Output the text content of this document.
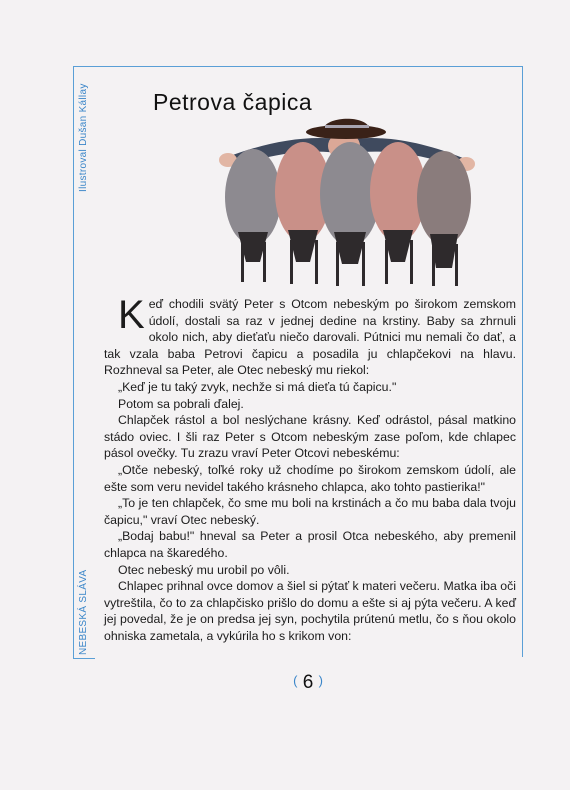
Ilustroval Dušan Kállay
NEBESKÁ SLÁVA
Petrova čapica

Keď chodili svätý Peter s Otcom nebeským po širokom zemskom údolí, dostali sa raz v jednej dedine na krstiny. Baby sa zhrnuli okolo nich, aby dieťaťu niečo darovali. Pútnici mu nemali čo dať, a tak vzala baba Petrovi čapicu a posadila ju chlapčekovi na hlavu. Rozhneval sa Peter, ale Otec nebeský mu riekol:

„Keď je tu taký zvyk, nechže si má dieťa tú čapicu."

Potom sa pobrali ďalej.

Chlapček rástol a bol neslýchane krásny. Keď odrástol, pásal matkino stádo oviec. I šli raz Peter s Otcom nebeským zase poľom, kde chlapec pásol ovečky. Tu zrazu vraví Peter Otcovi nebeskému:

„Otče nebeský, toľké roky už chodíme po širokom zemskom údolí, ale ešte som veru nevidel takého krásneho chlapca, ako tohto pastierika!"

„To je ten chlapček, čo sme mu boli na krstinách a čo mu baba dala tvoju čapicu," vraví Otec nebeský.

„Bodaj babu!" hneval sa Peter a prosil Otca nebeského, aby premenil chlapca na škaredého.

Otec nebeský mu urobil po vôli.

Chlapec prihnal ovce domov a šiel si pýtať k materi večeru. Matka iba oči vytreštila, čo to za chlapčisko prišlo do domu a ešte si aj pýta večeru. A keď jej povedal, že je on predsa jej syn, pochytila prútenú metlu, čo s ňou okolo ohniska zametala, a vykúrila ho s krikom von:

( 6 )
